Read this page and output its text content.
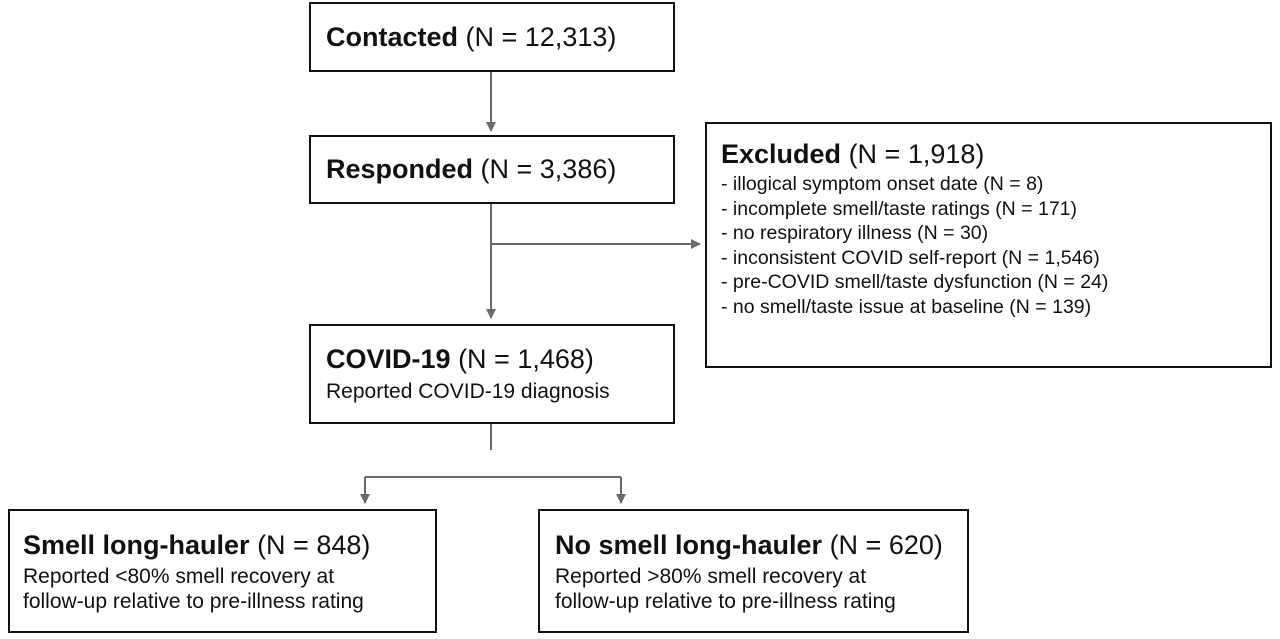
Contacted (N = 12,313)
Responded (N = 3,386)	Excluded (N = 1,918)
- illogical symptom onset date (N = 8)
- incomplete smell/taste ratings (N = 171)
- no respiratory illness (N = 30)
- inconsistent COVID self-report (N = 1,546)
- pre-COVID smell/taste dysfunction (N = 24)
- no smell/taste issue at baseline (N = 139)
COVID-19 (N = 1,468)
Reported COVID-19 diagnosis
Smell long-hauler (N = 848)
Reported <80% smell recovery at
follow-up relative to pre-illness rating
No smell long-hauler (N = 620)
Reported >80% smell recovery at
follow-up relative to pre-illness rating
